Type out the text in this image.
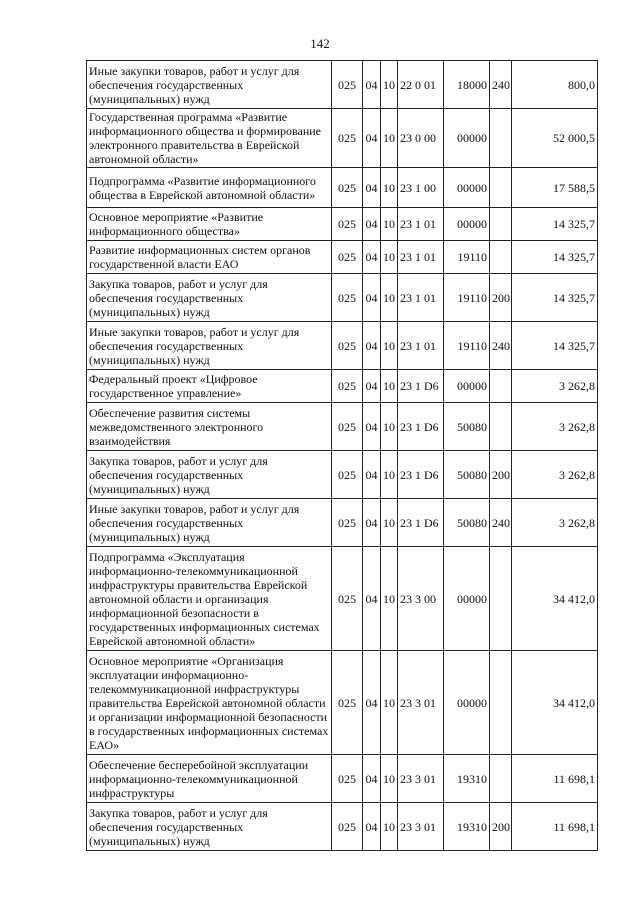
142
Иные закупки товаров, работ и услуг для обеспечения государственных (муниципальных) нужд	025	04	10	22 0 01	18000	240	800,0
Государственная программа «Развитие информационного общества и формирование электронного правительства в Еврейской автономной области»	025	04	10	23 0 00	00000		52 000,5
Подпрограмма «Развитие информационного общества в Еврейской автономной области»	025	04	10	23 1 00	00000		17 588,5
Основное мероприятие «Развитие информационного общества»	025	04	10	23 1 01	00000		14 325,7
Развитие информационных систем органов государственной власти ЕАО	025	04	10	23 1 01	19110		14 325,7
Закупка товаров, работ и услуг для обеспечения государственных (муниципальных) нужд	025	04	10	23 1 01	19110	200	14 325,7
Иные закупки товаров, работ и услуг для обеспечения государственных (муниципальных) нужд	025	04	10	23 1 01	19110	240	14 325,7
Федеральный проект «Цифровое государственное управление»	025	04	10	23 1 D6	00000		3 262,8
Обеспечение развития системы межведомственного электронного взаимодействия	025	04	10	23 1 D6	50080		3 262,8
Закупка товаров, работ и услуг для обеспечения государственных (муниципальных) нужд	025	04	10	23 1 D6	50080	200	3 262,8
Иные закупки товаров, работ и услуг для обеспечения государственных (муниципальных) нужд	025	04	10	23 1 D6	50080	240	3 262,8
Подпрограмма «Эксплуатация информационно-телекоммуникационной инфраструктуры правительства Еврейской автономной области и организация информационной безопасности в государственных информационных системах Еврейской автономной области»	025	04	10	23 3 00	00000		34 412,0
Основное мероприятие «Организация эксплуатации информационно-телекоммуникационной инфраструктуры правительства Еврейской автономной области и организации информационной безопасности в государственных информационных системах ЕАО»	025	04	10	23 3 01	00000		34 412,0
Обеспечение бесперебойной эксплуатации информационно-телекоммуникационной инфраструктуры	025	04	10	23 3 01	19310		11 698,1
Закупка товаров, работ и услуг для обеспечения государственных (муниципальных) нужд	025	04	10	23 3 01	19310	200	11 698,1
